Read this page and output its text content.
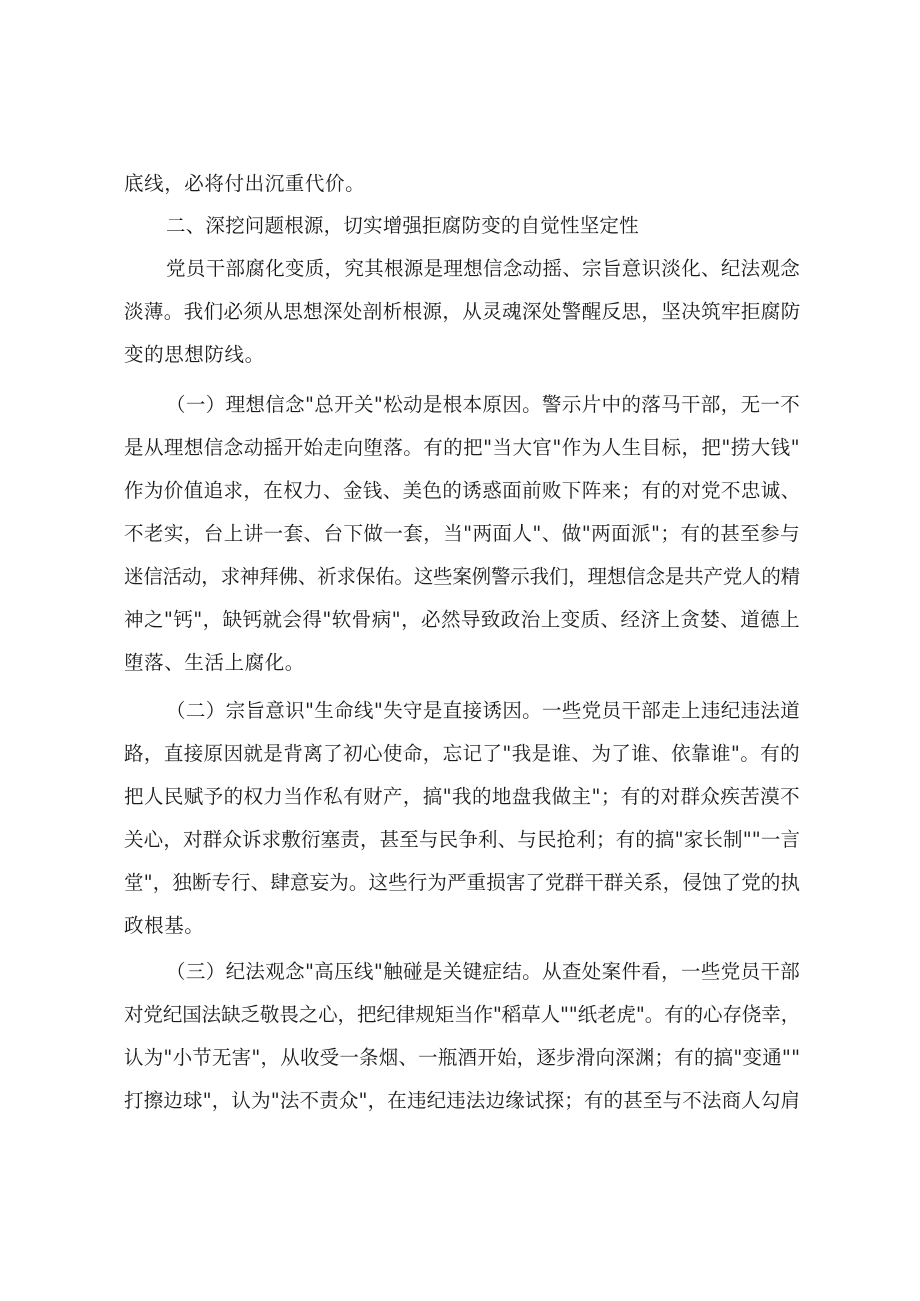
底线，必将付出沉重代价。

二、深挖问题根源，切实增强拒腐防变的自觉性坚定性

党员干部腐化变质，究其根源是理想信念动摇、宗旨意识淡化、纪法观念

淡薄。我们必须从思想深处剖析根源，从灵魂深处警醒反思，坚决筑牢拒腐防

变的思想防线。

（一）理想信念"总开关"松动是根本原因。警示片中的落马干部，无一不

是从理想信念动摇开始走向堕落。有的把"当大官"作为人生目标，把"捞大钱"

作为价值追求，在权力、金钱、美色的诱惑面前败下阵来；有的对党不忠诚、

不老实，台上讲一套、台下做一套，当"两面人"、做"两面派"；有的甚至参与

迷信活动，求神拜佛、祈求保佑。这些案例警示我们，理想信念是共产党人的精

神之"钙"，缺钙就会得"软骨病"，必然导致政治上变质、经济上贪婪、道德上

堕落、生活上腐化。

（二）宗旨意识"生命线"失守是直接诱因。一些党员干部走上违纪违法道

路，直接原因就是背离了初心使命，忘记了"我是谁、为了谁、依靠谁"。有的

把人民赋予的权力当作私有财产，搞"我的地盘我做主"；有的对群众疾苦漠不

关心，对群众诉求敷衍塞责，甚至与民争利、与民抢利；有的搞"家长制""一言

堂"，独断专行、肆意妄为。这些行为严重损害了党群干群关系，侵蚀了党的执

政根基。

（三）纪法观念"高压线"触碰是关键症结。从查处案件看，一些党员干部

对党纪国法缺乏敬畏之心，把纪律规矩当作"稻草人""纸老虎"。有的心存侥幸，

认为"小节无害"，从收受一条烟、一瓶酒开始，逐步滑向深渊；有的搞"变通""

打擦边球"，认为"法不责众"，在违纪违法边缘试探；有的甚至与不法商人勾肩
